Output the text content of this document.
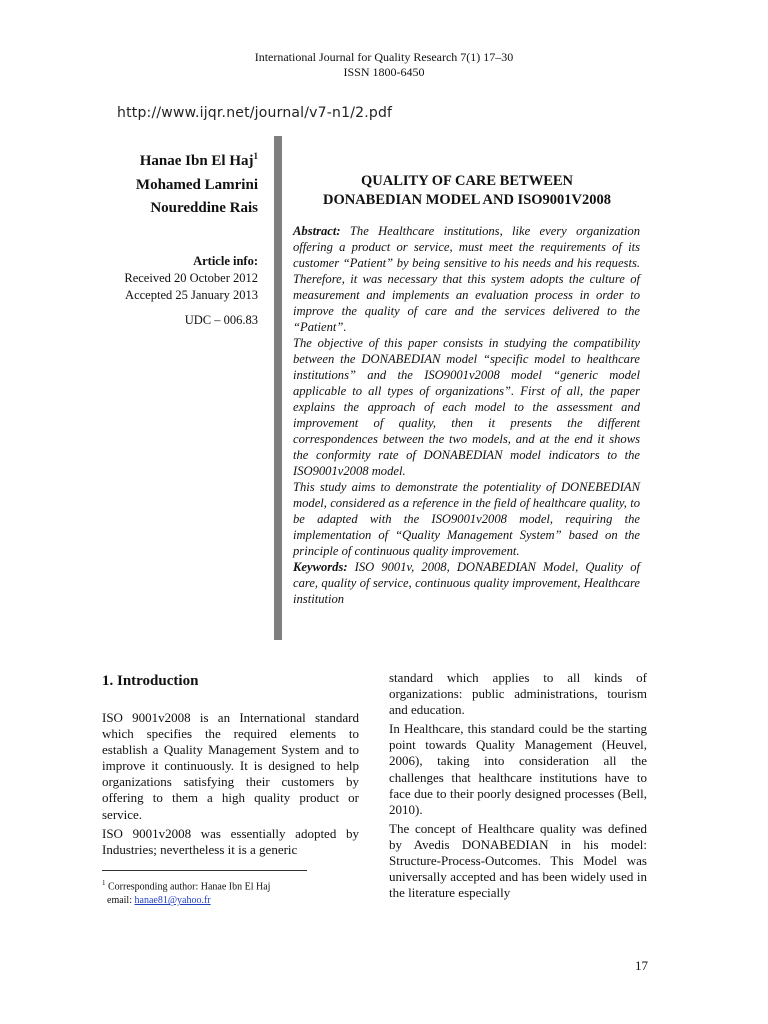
International Journal for Quality Research 7(1) 17–30
ISSN 1800-6450
http://www.ijqr.net/journal/v7-n1/2.pdf
Hanae Ibn El Haj$^1$
Mohamed Lamrini
Noureddine Rais
Article info:
Received 20 October 2012
Accepted 25 January 2013
UDC – 006.83
QUALITY OF CARE BETWEEN
DONABEDIAN MODEL AND ISO9001V2008

Abstract: The Healthcare institutions, like every organization offering a product or service, must meet the requirements of its customer “Patient” by being sensitive to his needs and his requests. Therefore, it was necessary that this system adopts the culture of measurement and implements an evaluation process in order to improve the quality of care and the services delivered to the “Patient”.

The objective of this paper consists in studying the compatibility between the DONABEDIAN model “specific model to healthcare institutions” and the ISO9001v2008 model “generic model applicable to all types of organizations”. First of all, the paper explains the approach of each model to the assessment and improvement of quality, then it presents the different correspondences between the two models, and at the end it shows the conformity rate of DONABEDIAN model indicators to the ISO9001v2008 model.

This study aims to demonstrate the potentiality of DONEBEDIAN model, considered as a reference in the field of healthcare quality, to be adapted with the ISO9001v2008 model, requiring the implementation of “Quality Management System” based on the principle of continuous quality improvement.

Keywords: ISO 9001v, 2008, DONABEDIAN Model, Quality of care, quality of service, continuous quality improvement, Healthcare institution

1. Introduction

ISO 9001v2008 is an International standard which specifies the required elements to establish a Quality Management System and to improve it continuously. It is designed to help organizations satisfying their customers by offering to them a high quality product or service.

ISO 9001v2008 was essentially adopted by Industries; nevertheless it is a generic

standard which applies to all kinds of organizations: public administrations, tourism and education.

In Healthcare, this standard could be the starting point towards Quality Management (Heuvel, 2006), taking into consideration all the challenges that healthcare institutions have to face due to their poorly designed processes (Bell, 2010).

The concept of Healthcare quality was defined by Avedis DONABEDIAN in his model: Structure-Process-Outcomes. This Model was universally accepted and has been widely used in the literature especially

$^1$ Corresponding author: Hanae Ibn El Haj
email: hanae81@yahoo.fr
17
